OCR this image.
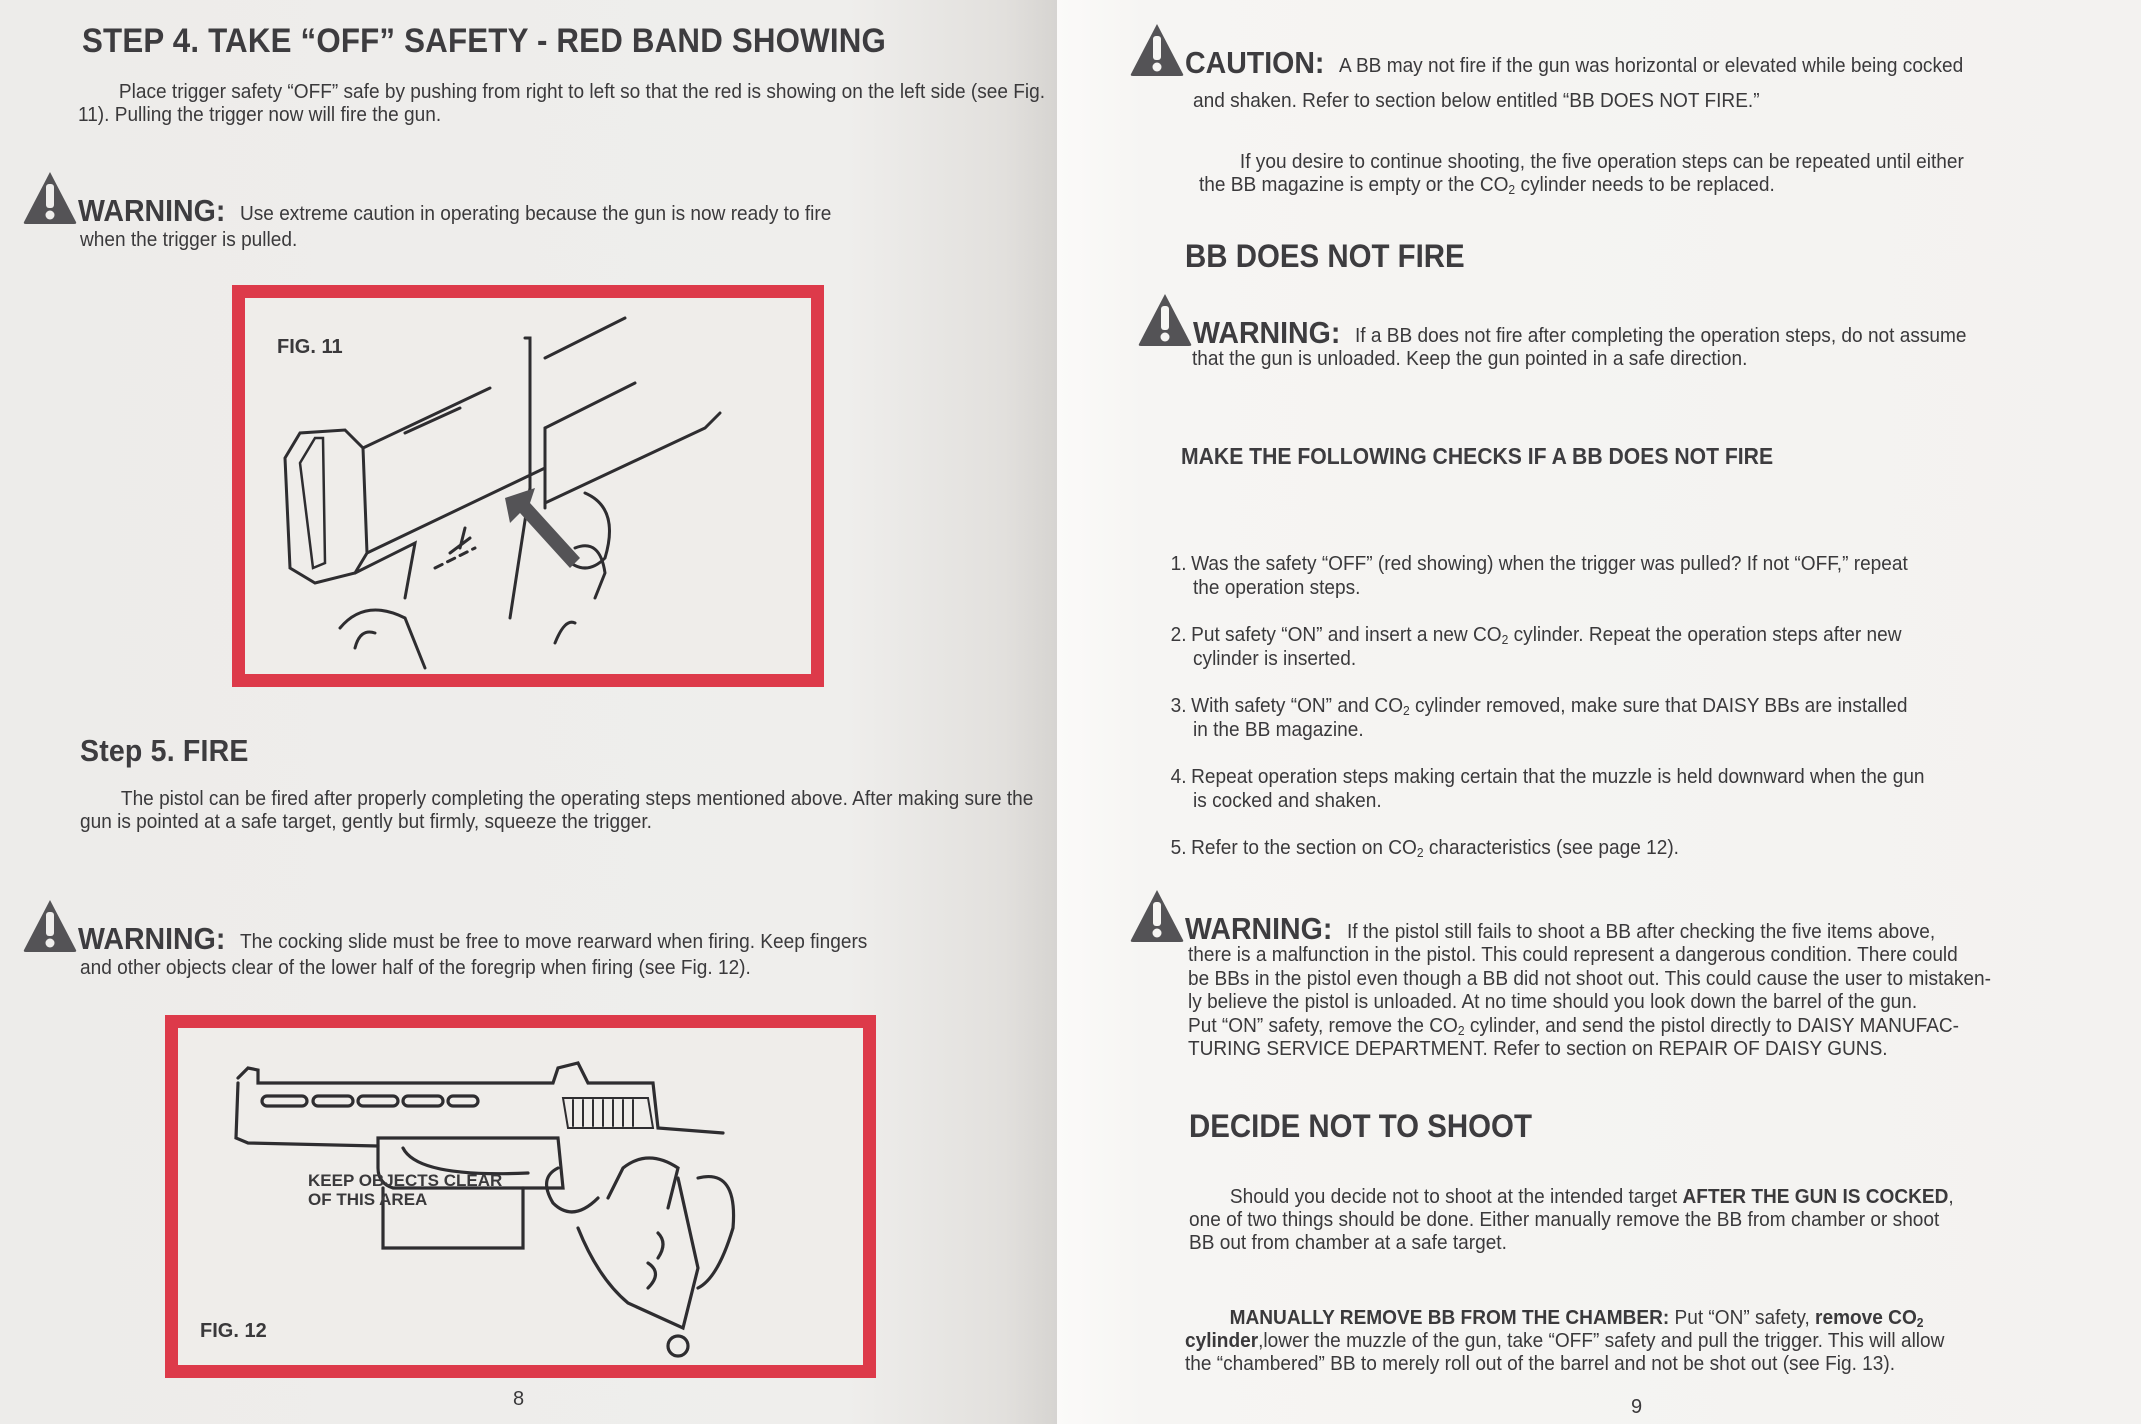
STEP 4. TAKE “OFF” SAFETY - RED BAND SHOWING
Place trigger safety “OFF” safe by pushing from right to left so that the red is showing on the left side (see Fig. 11). Pulling the trigger now will fire the gun.
WARNING: Use extreme caution in operating because the gun is now ready to fire
when the trigger is pulled.
FIG. 11
Step 5. FIRE
The pistol can be fired after properly completing the operating steps mentioned above. After making sure the gun is pointed at a safe target, gently but firmly, squeeze the trigger.
WARNING: The cocking slide must be free to move rearward when firing. Keep fingers
and other objects clear of the lower half of the foregrip when firing (see Fig. 12).
KEEP OBJECTS CLEAR
OF THIS AREA
FIG. 12
8
CAUTION: A BB may not fire if the gun was horizontal or elevated while being cocked
and shaken. Refer to section below entitled “BB DOES NOT FIRE.”
If you desire to continue shooting, the five operation steps can be repeated until either
the BB magazine is empty or the $CO_2$ cylinder needs to be replaced.
BB DOES NOT FIRE
WARNING: If a BB does not fire after completing the operation steps, do not assume
that the gun is unloaded. Keep the gun pointed in a safe direction.
MAKE THE FOLLOWING CHECKS IF A BB DOES NOT FIRE
1. Was the safety “OFF” (red showing) when the trigger was pulled? If not “OFF,” repeat
the operation steps.
2. Put safety “ON” and insert a new $CO_2$ cylinder. Repeat the operation steps after new
cylinder is inserted.
3. With safety “ON” and $CO_2$ cylinder removed, make sure that DAISY BBs are installed
in the BB magazine.
4. Repeat operation steps making certain that the muzzle is held downward when the gun
is cocked and shaken.
5. Refer to the section on $CO_2$ characteristics (see page 12).
WARNING: If the pistol still fails to shoot a BB after checking the five items above,
there is a malfunction in the pistol. This could represent a dangerous condition. There could
be BBs in the pistol even though a BB did not shoot out. This could cause the user to mistaken-
ly believe the pistol is unloaded. At no time should you look down the barrel of the gun.
Put “ON” safety, remove the $CO_2$ cylinder, and send the pistol directly to DAISY MANUFAC-
TURING SERVICE DEPARTMENT. Refer to section on REPAIR OF DAISY GUNS.
DECIDE NOT TO SHOOT
Should you decide not to shoot at the intended target AFTER THE GUN IS COCKED,
one of two things should be done. Either manually remove the BB from chamber or shoot
BB out from chamber at a safe target.
MANUALLY REMOVE BB FROM THE CHAMBER: Put “ON” safety, remove $CO_2$
cylinder,lower the muzzle of the gun, take “OFF” safety and pull the trigger. This will allow
the “chambered” BB to merely roll out of the barrel and not be shot out (see Fig. 13).
9
